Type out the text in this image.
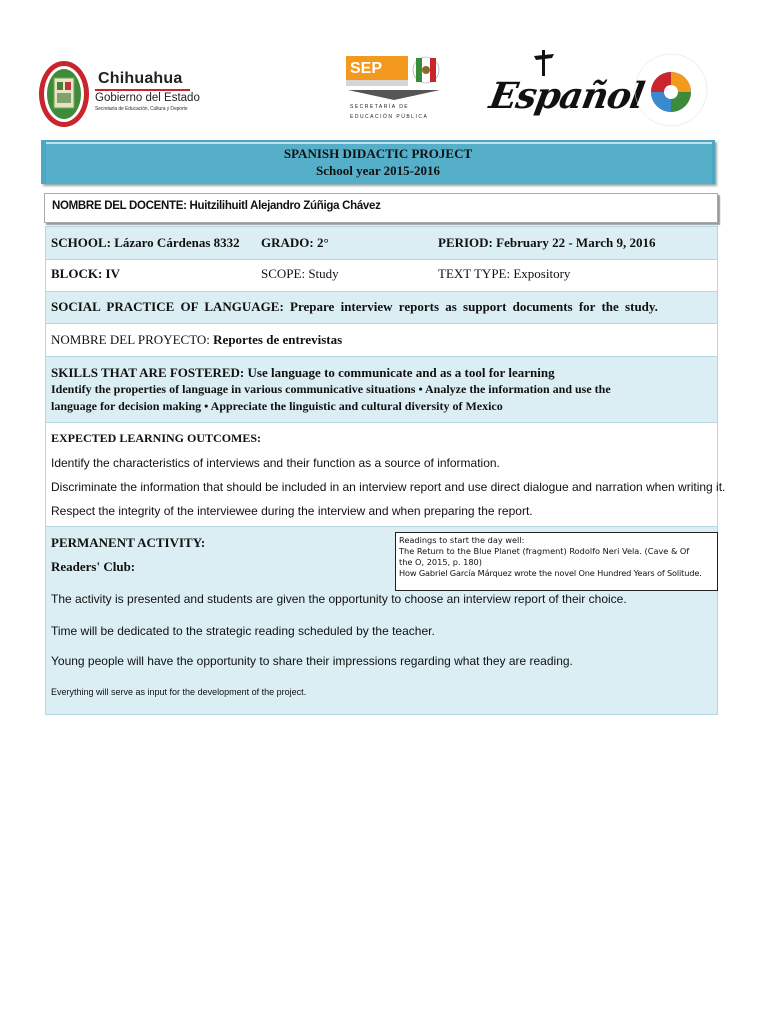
Chihuahua
Gobierno del Estado
Secretaría de Educación, Cultura y Deporte
SEP
SECRETARÍA DE
EDUCACIÓN PÚBLICA Español
SPANISH DIDACTIC PROJECT
School year 2015-2016
NOMBRE DEL DOCENTE: Huitzilihuitl Alejandro Zúñiga Chávez
SCHOOL: Lázaro Cárdenas 8332 GRADO: 2°	PERIOD: February 22 - March 9, 2016
BLOCK: IV	SCOPE: Study	TEXT TYPE: Expository
SOCIAL PRACTICE OF LANGUAGE: Prepare interview reports as support documents for the study.
NOMBRE DEL PROYECTO: Reportes de entrevistas
SKILLS THAT ARE FOSTERED: Use language to communicate and as a tool for learning
Identify the properties of language in various communicative situations • Analyze the information and use the
language for decision making • Appreciate the linguistic and cultural diversity of Mexico
EXPECTED LEARNING OUTCOMES:
Identify the characteristics of interviews and their function as a source of information.
Discriminate the information that should be included in an interview report and use direct dialogue and narration when writing it.
Respect the integrity of the interviewee during the interview and when preparing the report.
PERMANENT ACTIVITY:
Readers' Club:
Readings to start the day well:
The Return to the Blue Planet (fragment) Rodolfo Neri Vela. (Cave & Of
the O, 2015, p. 180)
How Gabriel García Márquez wrote the novel One Hundred Years of Solitude.
The activity is presented and students are given the opportunity to choose an interview report of their choice.
Time will be dedicated to the strategic reading scheduled by the teacher.
Young people will have the opportunity to share their impressions regarding what they are reading.
Everything will serve as input for the development of the project.
